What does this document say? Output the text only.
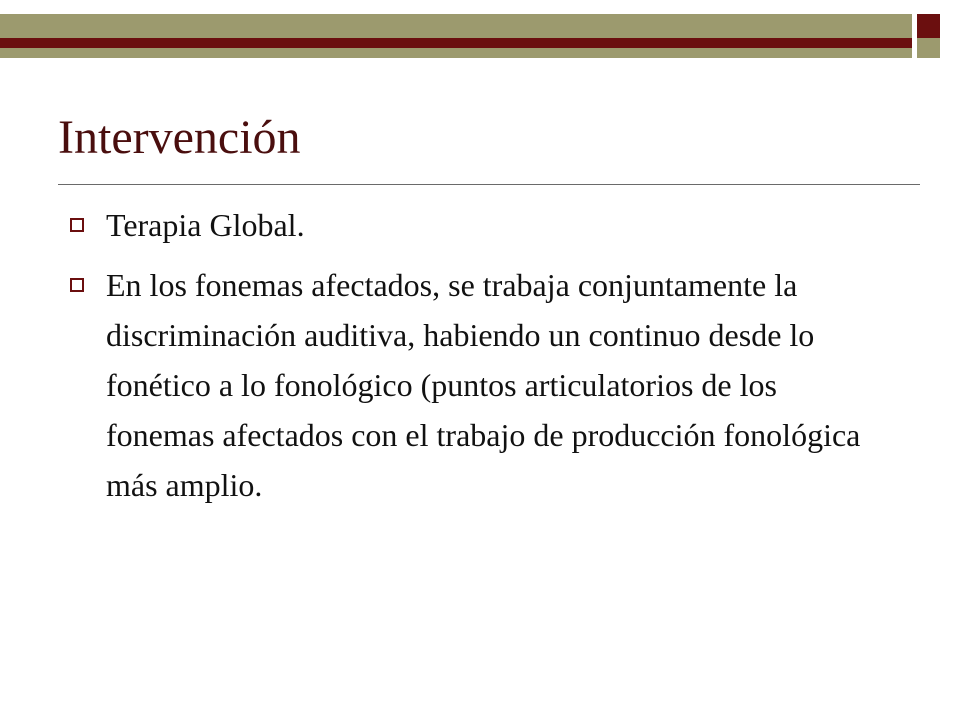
Intervención
Terapia Global.
En los fonemas afectados, se trabaja conjuntamente la discriminación auditiva, habiendo un continuo desde lo fonético a lo fonológico (puntos articulatorios de los fonemas afectados con el trabajo de producción fonológica más amplio.
